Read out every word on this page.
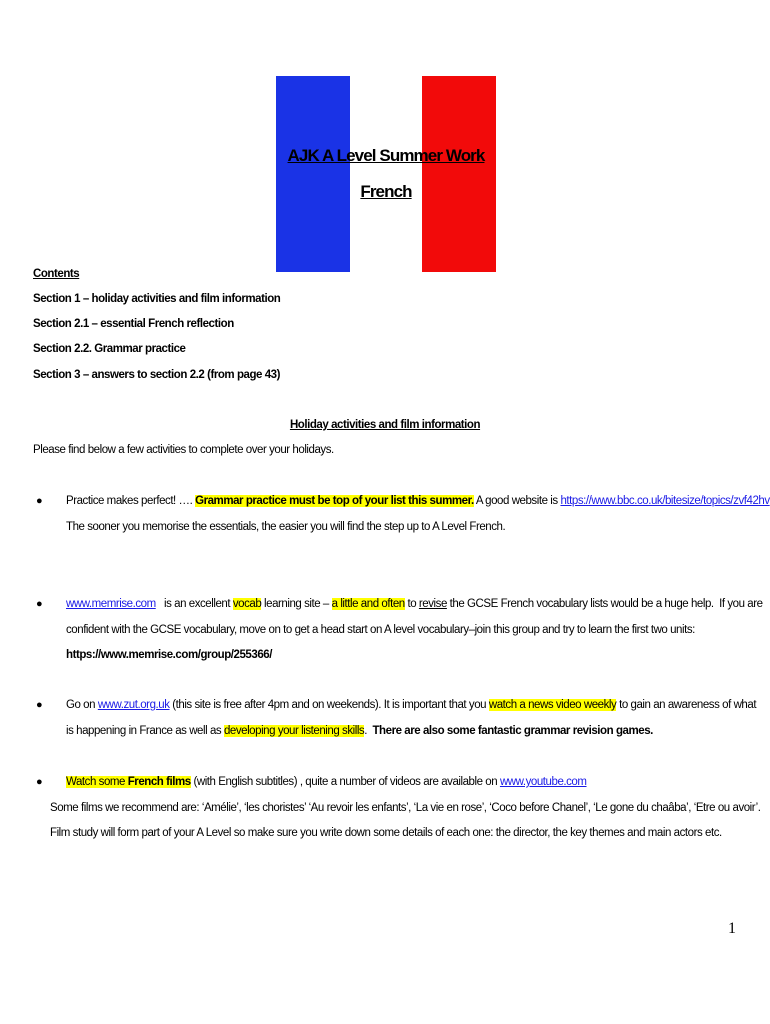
AJK A Level Summer Work
French
Contents
Section 1 – holiday activities and film information
Section 2.1 – essential French reflection
Section 2.2. Grammar practice
Section 3 – answers to section 2.2 (from page 43)
Holiday activities and film information
Please find below a few activities to complete over your holidays.
● Practice makes perfect! …. Grammar practice must be top of your list this summer. A good website is https://www.bbc.co.uk/bitesize/topics/zvf42hv
The sooner you memorise the essentials, the easier you will find the step up to A Level French.
● www.memrise.com   is an excellent vocab learning site – a little and often to revise the GCSE French vocabulary lists would be a huge help.  If you are
confident with the GCSE vocabulary, move on to get a head start on A level vocabulary–join this group and try to learn the first two units:
https://www.memrise.com/group/255366/
● Go on www.zut.org.uk (this site is free after 4pm and on weekends). It is important that you watch a news video weekly to gain an awareness of what
is happening in France as well as developing your listening skills.  There are also some fantastic grammar revision games.
● Watch some French films (with English subtitles) , quite a number of videos are available on www.youtube.com
Some films we recommend are: ‘Amélie’, ‘les choristes’ ‘Au revoir les enfants’, ‘La vie en rose’, ‘Coco before Chanel’, ‘Le gone du chaâba’, ‘Etre ou avoir’.
Film study will form part of your A Level so make sure you write down some details of each one: the director, the key themes and main actors etc.
1
